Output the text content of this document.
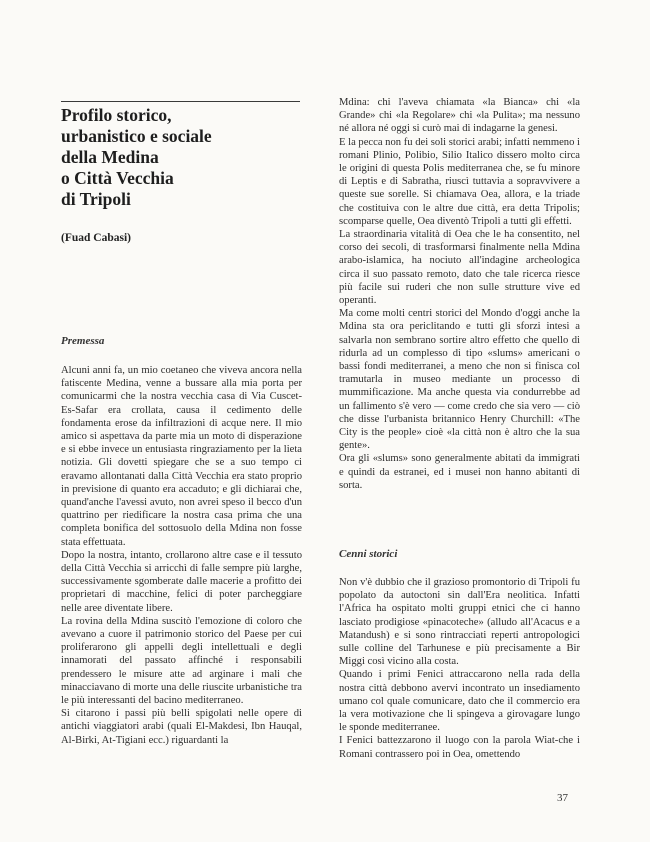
Profilo storico,
urbanistico e sociale
della Medina
o Città Vecchia
di Tripoli

(Fuad Cabasi)

Premessa

Alcuni anni fa, un mio coetaneo che viveva ancora nella fatiscente Medina, venne a bussare alla mia porta per comunicarmi che la nostra vecchia casa di Via Cuscet-Es-Safar era crollata, causa il cedimento delle fondamenta erose da infiltrazioni di acque nere. Il mio amico si aspettava da parte mia un moto di disperazione e si ebbe invece un entusiasta ringraziamento per la lieta notizia. Gli dovetti spiegare che se a suo tempo ci eravamo allontanati dalla Città Vecchia era stato proprio in previsione di quanto era accaduto; e gli dichiarai che, quand'anche l'avessi avuto, non avrei speso il becco d'un quattrino per riedificare la nostra casa prima che una completa bonifica del sottosuolo della Mdina non fosse stata effettuata.

Dopo la nostra, intanto, crollarono altre case e il tessuto della Città Vecchia si arricchì di falle sempre più larghe, successivamente sgomberate dalle macerie a profitto dei proprietari di macchine, felici di poter parcheggiare nelle aree diventate libere.

La rovina della Mdina suscitò l'emozione di coloro che avevano a cuore il patrimonio storico del Paese per cui proliferarono gli appelli degli intellettuali e degli innamorati del passato affinché i responsabili prendessero le misure atte ad arginare i mali che minacciavano di morte una delle riuscite urbanistiche tra le più interessanti del bacino mediterraneo.

Si citarono i passi più belli spigolati nelle opere di antichi viaggiatori arabi (quali El-Makdesi, Ibn Hauqal, Al-Birki, At-Tigiani ecc.) riguardanti la

Mdina: chi l'aveva chiamata «la Bianca» chi «la Grande» chi «la Regolare» chi «la Pulita»; ma nessuno né allora né oggi si curò mai di indagarne la genesi.

E la pecca non fu dei soli storici arabi; infatti nemmeno i romani Plinio, Polibio, Silio Italico dissero molto circa le origini di questa Polis mediterranea che, se fu minore di Leptis e di Sabratha, riuscì tuttavia a sopravvivere a queste sue sorelle. Si chiamava Oea, allora, e la triade che costituiva con le altre due città, era detta Tripolis; scomparse quelle, Oea diventò Tripoli a tutti gli effetti.

La straordinaria vitalità di Oea che le ha consentito, nel corso dei secoli, di trasformarsi finalmente nella Mdina arabo-islamica, ha nociuto all'indagine archeologica circa il suo passato remoto, dato che tale ricerca riesce più facile sui ruderi che non sulle strutture vive ed operanti.

Ma come molti centri storici del Mondo d'oggi anche la Mdina sta ora periclitando e tutti gli sforzi intesi a salvarla non sembrano sortire altro effetto che quello di ridurla ad un complesso di tipo «slums» americani o bassi fondi mediterranei, a meno che non si finisca col tramutarla in museo mediante un processo di mummificazione. Ma anche questa via condurrebbe ad un fallimento s'è vero — come credo che sia vero — ciò che disse l'urbanista britannico Henry Churchill: «The City is the people» cioè «la città non è altro che la sua gente».

Ora gli «slums» sono generalmente abitati da immigrati e quindi da estranei, ed i musei non hanno abitanti di sorta.

Cenni storici

Non v'è dubbio che il grazioso promontorio di Tripoli fu popolato da autoctoni sin dall'Era neolitica. Infatti l'Africa ha ospitato molti gruppi etnici che ci hanno lasciato prodigiose «pinacoteche» (alludo all'Acacus e a Matandush) e si sono rintracciati reperti antropologici sulle colline del Tarhunese e più precisamente a Bir Miggi così vicino alla costa.

Quando i primi Fenici attraccarono nella rada della nostra città debbono avervi incontrato un insediamento umano col quale comunicare, dato che il commercio era la vera motivazione che li spingeva a girovagare lungo le sponde mediterranee.

I Fenici battezzarono il luogo con la parola Wiat-che i Romani contrassero poi in Oea, omettendo

37
